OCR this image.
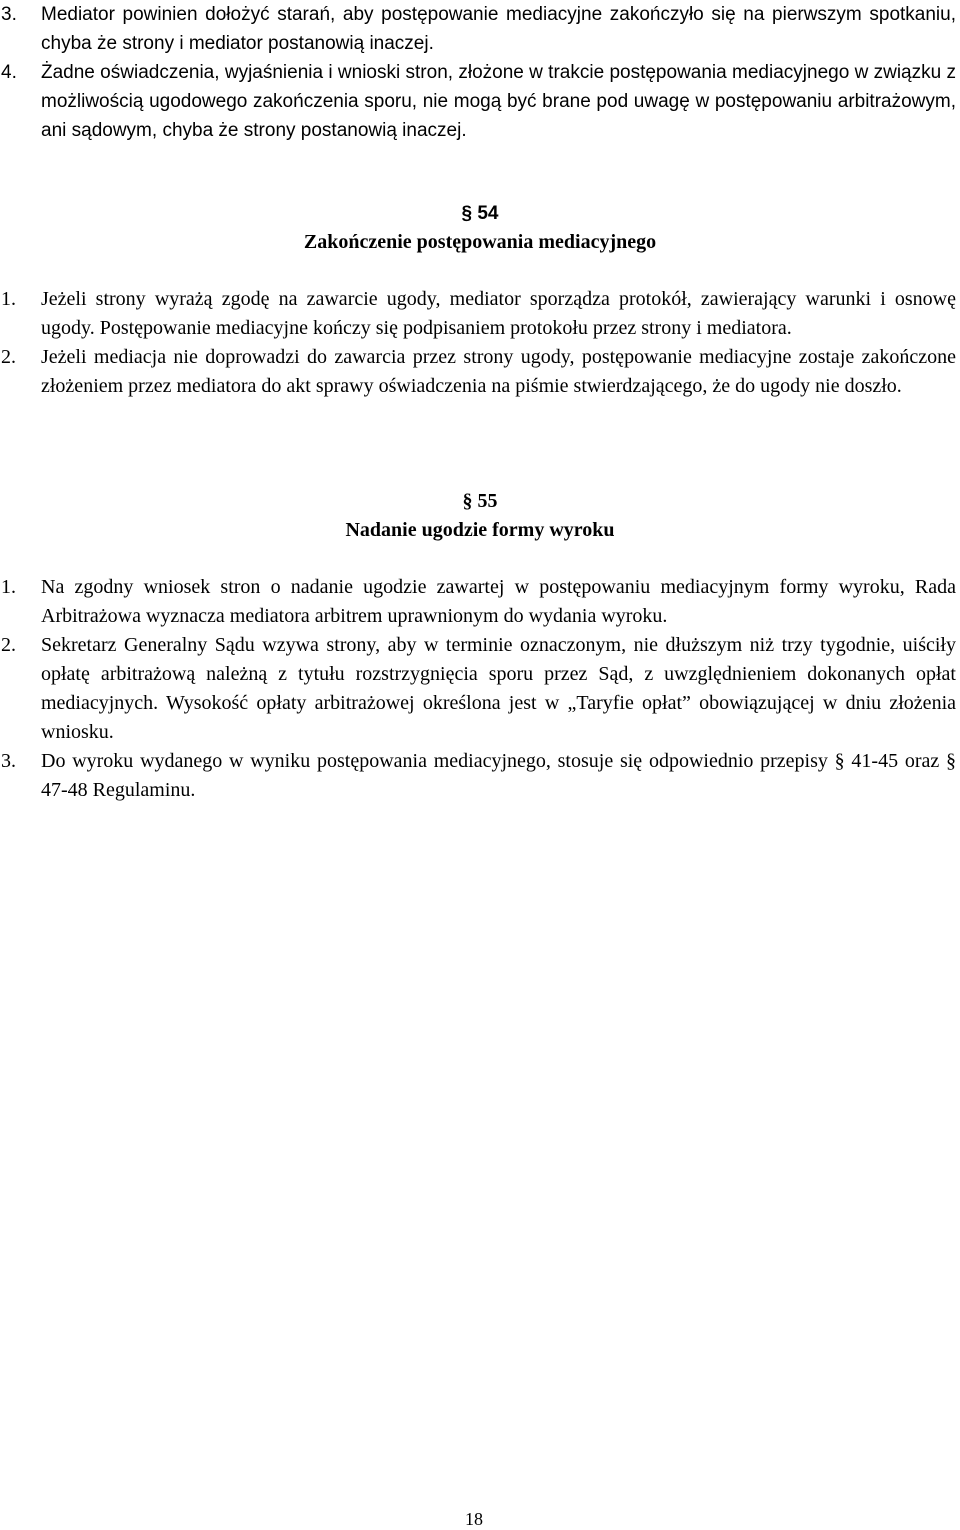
3. Mediator powinien dołożyć starań, aby postępowanie mediacyjne zakończyło się na pierwszym spotkaniu, chyba że strony i mediator postanowią inaczej.
4. Żadne oświadczenia, wyjaśnienia i wnioski stron, złożone w trakcie postępowania mediacyjnego w związku z możliwością ugodowego zakończenia sporu, nie mogą być brane pod uwagę w postępowaniu arbitrażowym, ani sądowym, chyba że strony postanowią inaczej.
§ 54
Zakończenie postępowania mediacyjnego
1. Jeżeli strony wyrażą zgodę na zawarcie ugody, mediator sporządza protokół, zawierający warunki i osnowę ugody. Postępowanie mediacyjne kończy się podpisaniem protokołu przez strony i mediatora.
2. Jeżeli mediacja nie doprowadzi do zawarcia przez strony ugody, postępowanie mediacyjne zostaje zakończone złożeniem przez mediatora do akt sprawy oświadczenia na piśmie stwierdzającego, że do ugody nie doszło.
§ 55
Nadanie ugodzie formy wyroku
1. Na zgodny wniosek stron o nadanie ugodzie zawartej w postępowaniu mediacyjnym formy wyroku, Rada Arbitrażowa wyznacza mediatora arbitrem uprawnionym do wydania wyroku.
2. Sekretarz Generalny Sądu wzywa strony, aby w terminie oznaczonym, nie dłuższym niż trzy tygodnie, uiściły opłatę arbitrażową należną z tytułu rozstrzygnięcia sporu przez Sąd, z uwzględnieniem dokonanych opłat mediacyjnych. Wysokość opłaty arbitrażowej określona jest w „Taryfie opłat” obowiązującej w dniu złożenia wniosku.
3. Do wyroku wydanego w wyniku postępowania mediacyjnego, stosuje się odpowiednio przepisy § 41-45 oraz § 47-48 Regulaminu.
18
